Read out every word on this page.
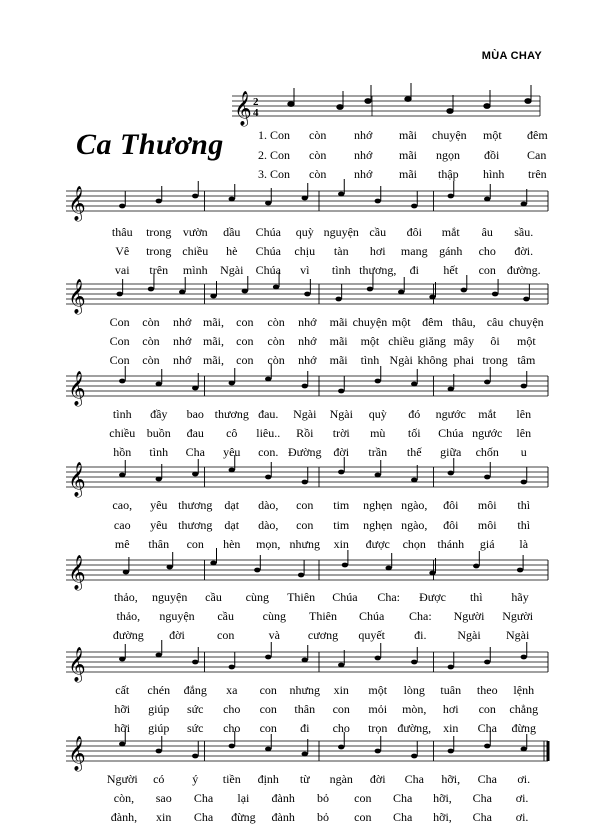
MÙA CHAY
Ca Thương
𝄞 2
4
1. Con còn nhớ mãi chuyện một đêm
2. Con còn nhớ mãi ngọn đồi Can
3. Con còn nhớ mãi thập hình trên
𝄞
thâu trong vườn dầu Chúa quỳ nguyện cầu đôi mắt âu sầu.
Vê trong chiều hè Chúa chịu tàn hơi mang gánh cho đời.
vai trên mình Ngài Chúa vì tình thương, đi hết con đường.
𝄞
Con còn nhớ mãi, con còn nhớ mãi chuyện một đêm thâu, câu chuyện
Con còn nhớ mãi, con còn nhớ mãi một chiều giăng mây ôi một
Con còn nhớ mãi, con còn nhớ mãi tình Ngài không phai trong tâm
𝄞
tình đầy bao thương đau. Ngài Ngài quỳ đó ngước mắt lên
chiều buồn đau cô liêu.. Rồi trời mù tối Chúa ngước lên
hồn tình Cha yêu con. Đường đời trần thế giữa chốn u
𝄞
cao, yêu thương dạt dào, con tim nghẹn ngào, đôi môi thì
cao yêu thương dạt dào, con tim nghẹn ngào, đôi môi thì
mê thân con hèn mọn, nhưng xin được chọn thánh giá là
𝄞
thảo, nguyện cầu cùng Thiên Chúa Cha: Được thì hãy
thảo, nguyện cầu cùng Thiên Chúa Cha: Người Người
đường đời	con	và cương quyết đi.	Ngài Ngài
𝄞
cất chén đắng xa con nhưng xin một lòng tuân theo lệnh
hỡi giúp sức cho con thân con mỏi mòn, hơi con chẳng
hỡi giúp sức cho con đi cho trọn đường, xin Cha đừng
𝄞
Người có ý tiền định từ ngàn đời Cha hỡi, Cha ơi.
còn, sao Cha lại đành bỏ con Cha hỡi, Cha ơi.
đành, xin Cha đừng đành bỏ con Cha hỡi, Cha ơi.
